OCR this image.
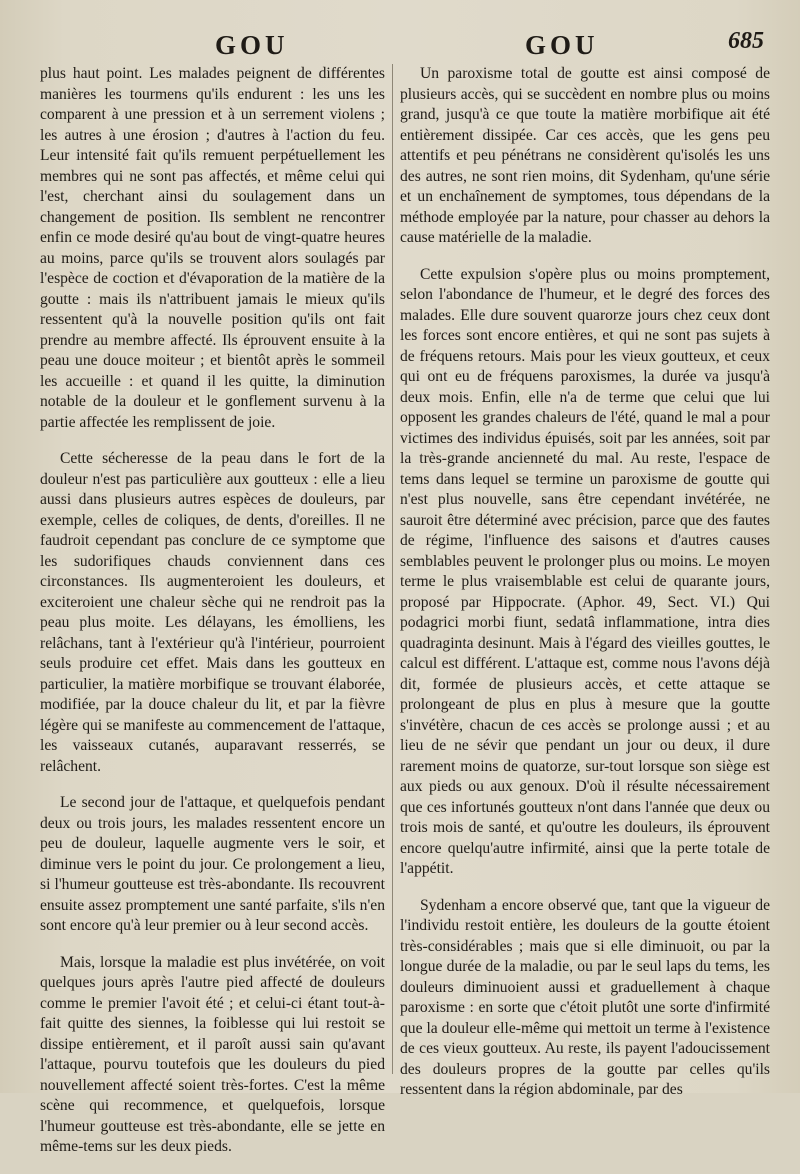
GOU	GOU	685

plus haut point. Les malades peignent de différentes manières les tourmens qu'ils endurent : les uns les comparent à une pression et à un serrement violens ; les autres à une érosion ; d'autres à l'action du feu. Leur intensité fait qu'ils remuent perpétuellement les membres qui ne sont pas affectés, et même celui qui l'est, cherchant ainsi du soulagement dans un changement de position. Ils semblent ne rencontrer enfin ce mode desiré qu'au bout de vingt-quatre heures au moins, parce qu'ils se trouvent alors soulagés par l'espèce de coction et d'évaporation de la matière de la goutte : mais ils n'attribuent jamais le mieux qu'ils ressentent qu'à la nouvelle position qu'ils ont fait prendre au membre affecté. Ils éprouvent ensuite à la peau une douce moiteur ; et bientôt après le sommeil les accueille : et quand il les quitte, la diminution notable de la douleur et le gonflement survenu à la partie affectée les remplissent de joie.

Cette sécheresse de la peau dans le fort de la douleur n'est pas particulière aux goutteux : elle a lieu aussi dans plusieurs autres espèces de douleurs, par exemple, celles de coliques, de dents, d'oreilles. Il ne faudroit cependant pas conclure de ce symptome que les sudorifiques chauds conviennent dans ces circonstances. Ils augmenteroient les douleurs, et exciteroient une chaleur sèche qui ne rendroit pas la peau plus moite. Les délayans, les émolliens, les relâchans, tant à l'extérieur qu'à l'intérieur, pourroient seuls produire cet effet. Mais dans les goutteux en particulier, la matière morbifique se trouvant élaborée, modifiée, par la douce chaleur du lit, et par la fièvre légère qui se manifeste au commencement de l'attaque, les vaisseaux cutanés, auparavant resserrés, se relâchent.

Le second jour de l'attaque, et quelquefois pendant deux ou trois jours, les malades ressentent encore un peu de douleur, laquelle augmente vers le soir, et diminue vers le point du jour. Ce prolongement a lieu, si l'humeur goutteuse est très-abondante. Ils recouvrent ensuite assez promptement une santé parfaite, s'ils n'en sont encore qu'à leur premier ou à leur second accès.

Mais, lorsque la maladie est plus invétérée, on voit quelques jours après l'autre pied affecté de douleurs comme le premier l'avoit été ; et celui-ci étant tout-à-fait quitte des siennes, la foiblesse qui lui restoit se dissipe entièrement, et il paroît aussi sain qu'avant l'attaque, pourvu toutefois que les douleurs du pied nouvellement affecté soient très-fortes. C'est la même scène qui recommence, et quelquefois, lorsque l'humeur goutteuse est très-abondante, elle se jette en même-tems sur les deux pieds.

Un paroxisme total de goutte est ainsi composé de plusieurs accès, qui se succèdent en nombre plus ou moins grand, jusqu'à ce que toute la matière morbifique ait été entièrement dissipée. Car ces accès, que les gens peu attentifs et peu pénétrans ne considèrent qu'isolés les uns des autres, ne sont rien moins, dit Sydenham, qu'une série et un enchaînement de symptomes, tous dépendans de la méthode employée par la nature, pour chasser au dehors la cause matérielle de la maladie.

Cette expulsion s'opère plus ou moins promptement, selon l'abondance de l'humeur, et le degré des forces des malades. Elle dure souvent quarorze jours chez ceux dont les forces sont encore entières, et qui ne sont pas sujets à de fréquens retours. Mais pour les vieux goutteux, et ceux qui ont eu de fréquens paroxismes, la durée va jusqu'à deux mois. Enfin, elle n'a de terme que celui que lui opposent les grandes chaleurs de l'été, quand le mal a pour victimes des individus épuisés, soit par les années, soit par la très-grande ancienneté du mal. Au reste, l'espace de tems dans lequel se termine un paroxisme de goutte qui n'est plus nouvelle, sans être cependant invétérée, ne sauroit être déterminé avec précision, parce que des fautes de régime, l'influence des saisons et d'autres causes semblables peuvent le prolonger plus ou moins. Le moyen terme le plus vraisemblable est celui de quarante jours, proposé par Hippocrate. (Aphor. 49, Sect. VI.) Qui podagrici morbi fiunt, sedatâ inflammatione, intra dies quadraginta desinunt. Mais à l'égard des vieilles gouttes, le calcul est différent. L'attaque est, comme nous l'avons déjà dit, formée de plusieurs accès, et cette attaque se prolongeant de plus en plus à mesure que la goutte s'invétère, chacun de ces accès se prolonge aussi ; et au lieu de ne sévir que pendant un jour ou deux, il dure rarement moins de quatorze, sur-tout lorsque son siège est aux pieds ou aux genoux. D'où il résulte nécessairement que ces infortunés goutteux n'ont dans l'année que deux ou trois mois de santé, et qu'outre les douleurs, ils éprouvent encore quelqu'autre infirmité, ainsi que la perte totale de l'appétit.

Sydenham a encore observé que, tant que la vigueur de l'individu restoit entière, les douleurs de la goutte étoient très-considérables ; mais que si elle diminuoit, ou par la longue durée de la maladie, ou par le seul laps du tems, les douleurs diminuoient aussi et graduellement à chaque paroxisme : en sorte que c'étoit plutôt une sorte d'infirmité que la douleur elle-même qui mettoit un terme à l'existence de ces vieux goutteux. Au reste, ils payent l'adoucissement des douleurs propres de la goutte par celles qu'ils ressentent dans la région abdominale, par des
